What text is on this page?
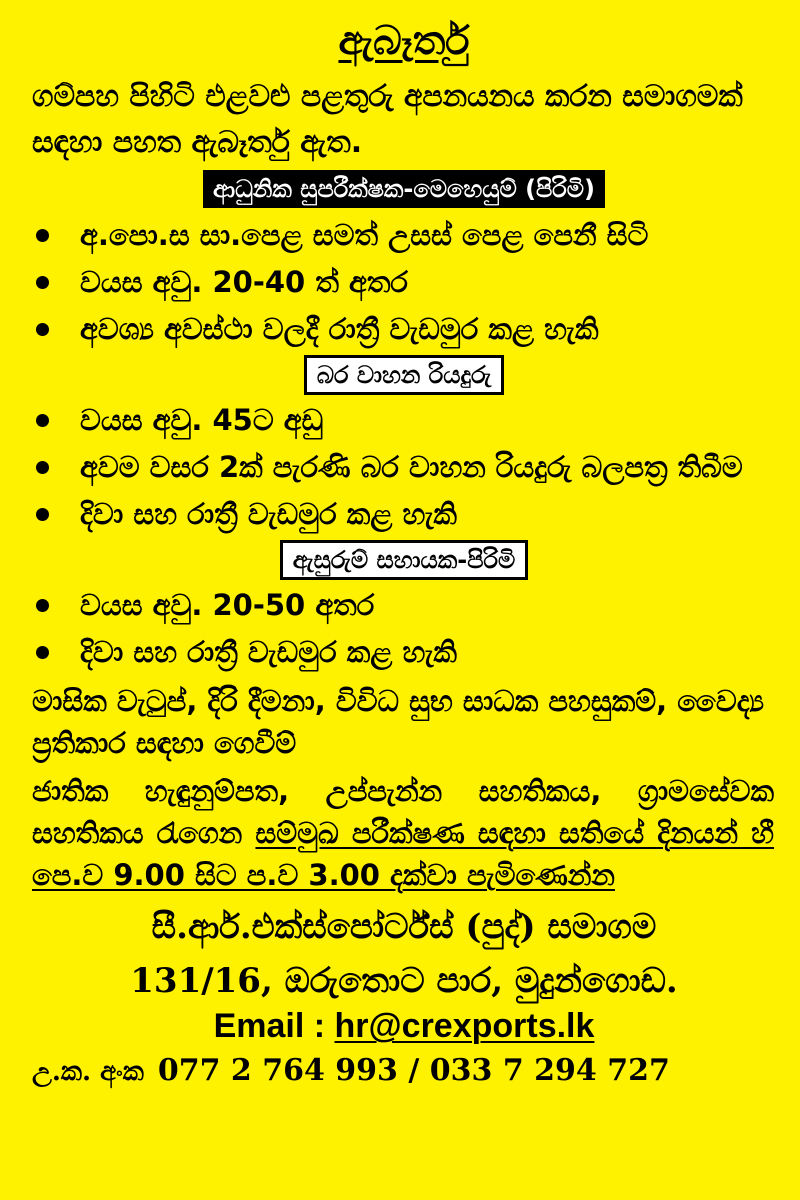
ඇබෑර්තු
ගම්පහ පිහිටි එළවළු පළතුරු අපනයනය කරන සමාගමක් සඳහා පහත ඇබෑර්තු ඇත.
ආධුනික සුපරීක්ෂක-මෙහෙයුම් (පිරිමි)
අ.පො.ස සා.පෙළ සමත් උසස් පෙළ පෙනී සිටි
වයස අවු. 20-40 ත් අතර
අවශ්‍ය අවස්ථා වලදී රාත්‍රී වැඩමුර කළ හැකි
බර වාහන රියදුරු
වයස අවු. 45ට අඩු
අවම වසර 2ක් පැරණි බර වාහන රියදුරු බලපත්‍ර තිබීම
දිවා සහ රාත්‍රී වැඩමුර කළ හැකි
ඇසුරුම් සහායක-පිරිමි
වයස අවු. 20-50 අතර
දිවා සහ රාත්‍රී වැඩමුර කළ හැකි
මාසික වැටුප්, දිරි දීමනා, විවිධ සුභ සාධක පහසුකම්, වෛද්‍ය ප්‍රතිකාර සඳහා ගෙවීම්
ජාතික හැඳුනුම්පත, උප්පැන්න සහතිකය, ග්‍රාමසේවක සහතිකය රැගෙන සම්මුඛ පරීක්ෂණ සඳහා සතියේ දිනයන් හී පෙ.ව 9.00 සිට ප.ව 3.00 දක්වා පැමිණෙන්න
සී.ආර්.එක්ස්පෝර්ට්ස් (පුද්) සමාගම
131/16, ඔරුතොට පාර, මුදුන්ගොඩ.
Email : hr@crexports.lk
උ.ක. අංක 077 2 764 993 / 033 7 294 727
